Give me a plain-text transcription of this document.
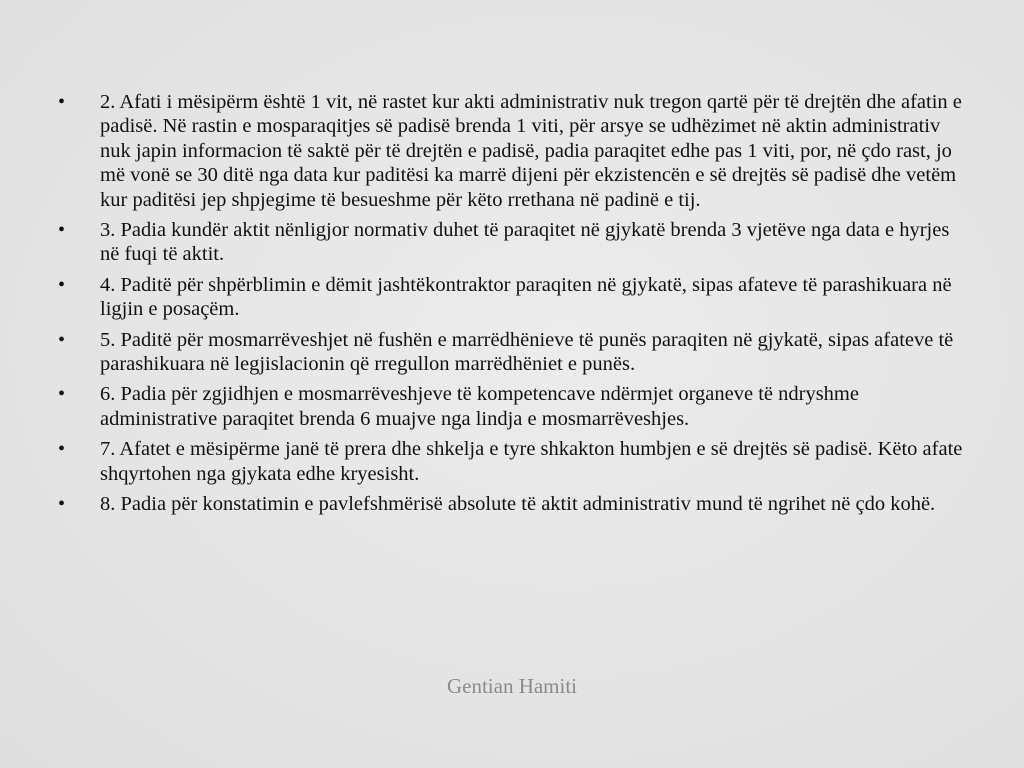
•	2. Afati i mësipërm është 1 vit, në rastet kur akti administrativ nuk tregon qartë për të drejtën dhe afatin e padisë. Në rastin e mosparaqitjes së padisë brenda 1 viti, për arsye se udhëzimet në aktin administrativ nuk japin informacion të saktë për të drejtën e padisë, padia paraqitet edhe pas 1 viti, por, në çdo rast, jo më vonë se 30 ditë nga data kur paditësi ka marrë dijeni për ekzistencën e së drejtës së padisë dhe vetëm kur paditësi jep shpjegime të besueshme për këto rrethana në padinë e tij.
•	3. Padia kundër aktit nënligjor normativ duhet të paraqitet në gjykatë brenda 3 vjetëve nga data e hyrjes në fuqi të aktit.
•	4. Paditë për shpërblimin e dëmit jashtëkontraktor paraqiten në gjykatë, sipas afateve të parashikuara në ligjin e posaçëm.
•	5. Paditë për mosmarrëveshjet në fushën e marrëdhënieve të punës paraqiten në gjykatë, sipas afateve të parashikuara në legjislacionin që rregullon marrëdhëniet e punës.
•	6. Padia për zgjidhjen e mosmarrëveshjeve të kompetencave ndërmjet organeve të ndryshme administrative paraqitet brenda 6 muajve nga lindja e mosmarrëveshjes.
•	7. Afatet e mësipërme janë të prera dhe shkelja e tyre shkakton humbjen e së drejtës së padisë. Këto afate shqyrtohen nga gjykata edhe kryesisht.
•	8. Padia për konstatimin e pavlefshmërisë absolute të aktit administrativ mund të ngrihet në çdo kohë.
Gentian Hamiti
